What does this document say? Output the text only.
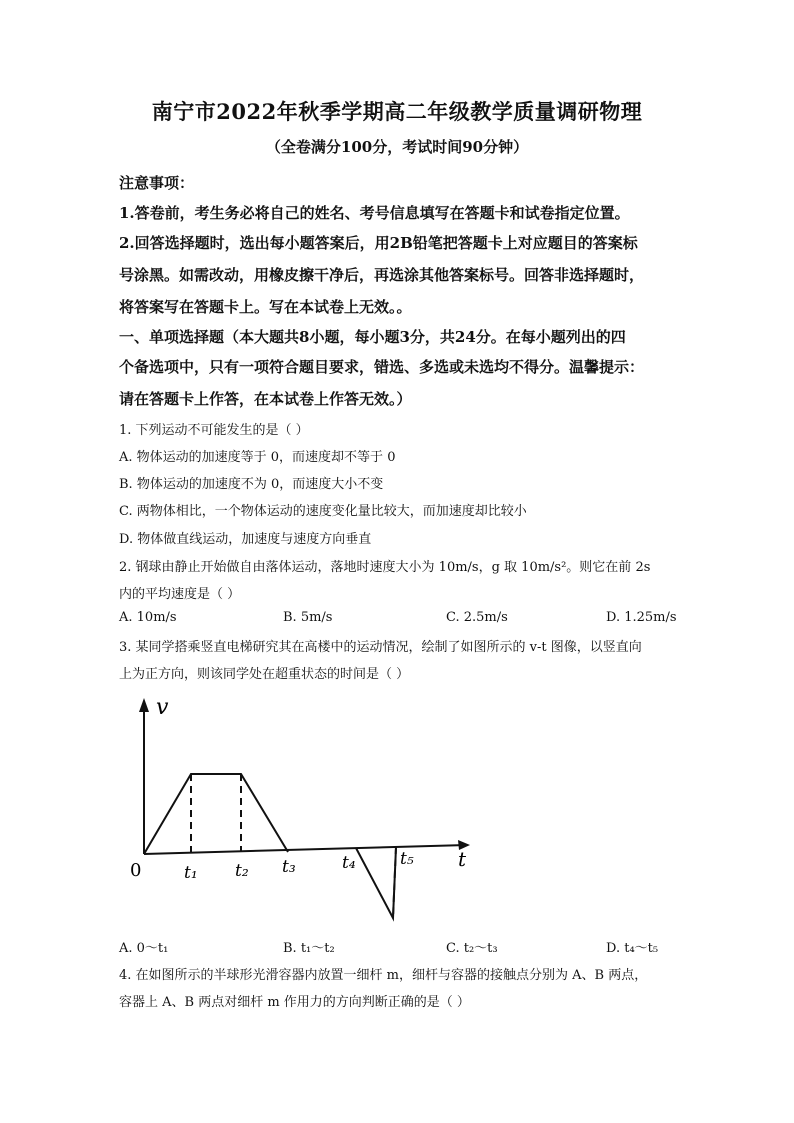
南宁市2022年秋季学期高二年级教学质量调研物理
（全卷满分100分，考试时间90分钟）
注意事项：
1.答卷前，考生务必将自己的姓名、考号信息填写在答题卡和试卷指定位置。
2.回答选择题时，选出每小题答案后，用2B铅笔把答题卡上对应题目的答案标
号涂黑。如需改动，用橡皮擦干净后，再选涂其他答案标号。回答非选择题时，
将答案写在答题卡上。写在本试卷上无效。。
一、单项选择题（本大题共8小题，每小题3分，共24分。在每小题列出的四
个备选项中，只有一项符合题目要求，错选、多选或未选均不得分。温馨提示：
请在答题卡上作答，在本试卷上作答无效。）
1. 下列运动不可能发生的是（ ）
A. 物体运动的加速度等于 0，而速度却不等于 0
B. 物体运动的加速度不为 0，而速度大小不变
C. 两物体相比，一个物体运动的速度变化量比较大，而加速度却比较小
D. 物体做直线运动，加速度与速度方向垂直
2. 钢球由静止开始做自由落体运动，落地时速度大小为 10m/s，g 取 10m/s²。则它在前 2s
内的平均速度是（ ）
A. 10m/s	B. 5m/s	C. 2.5m/s	D. 1.25m/s
3. 某同学搭乘竖直电梯研究其在高楼中的运动情况，绘制了如图所示的 v-t 图像，以竖直向
上为正方向，则该同学处在超重状态的时间是（ ）
v
t
0	t₁ t₂ t₃	t₄	t₅
A. 0～t₁	B. t₁～t₂	C. t₂～t₃	D. t₄～t₅
4. 在如图所示的半球形光滑容器内放置一细杆 m，细杆与容器的接触点分别为 A、B 两点，
容器上 A、B 两点对细杆 m 作用力的方向判断正确的是（ ）
